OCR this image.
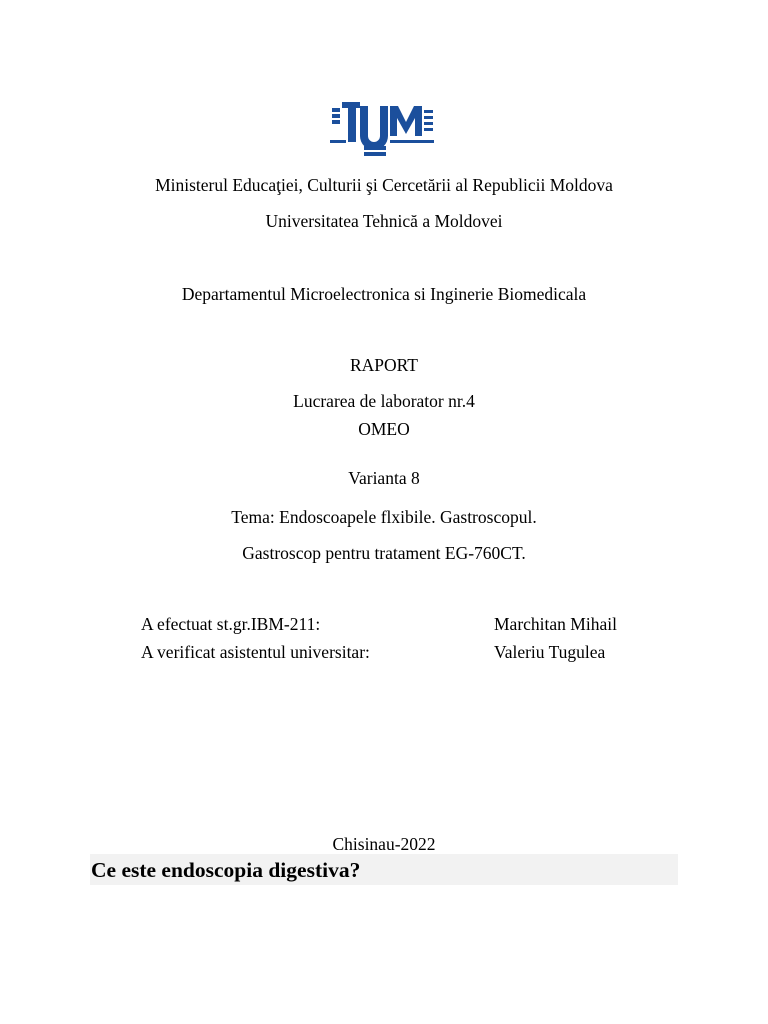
Ministerul Educaţiei, Culturii şi Cercetării al Republicii Moldova
Universitatea Tehnică a Moldovei
Departamentul Microelectronica si Inginerie Biomedicala
RAPORT
Lucrarea de laborator nr.4
OMEO
Varianta 8
Tema: Endoscoapele flxibile. Gastroscopul.
Gastroscop pentru tratament EG-760CT.
A efectuat st.gr.IBM-211:	Marchitan Mihail
A verificat asistentul universitar:	Valeriu Tugulea
Chisinau-2022
Ce este endoscopia digestiva?
